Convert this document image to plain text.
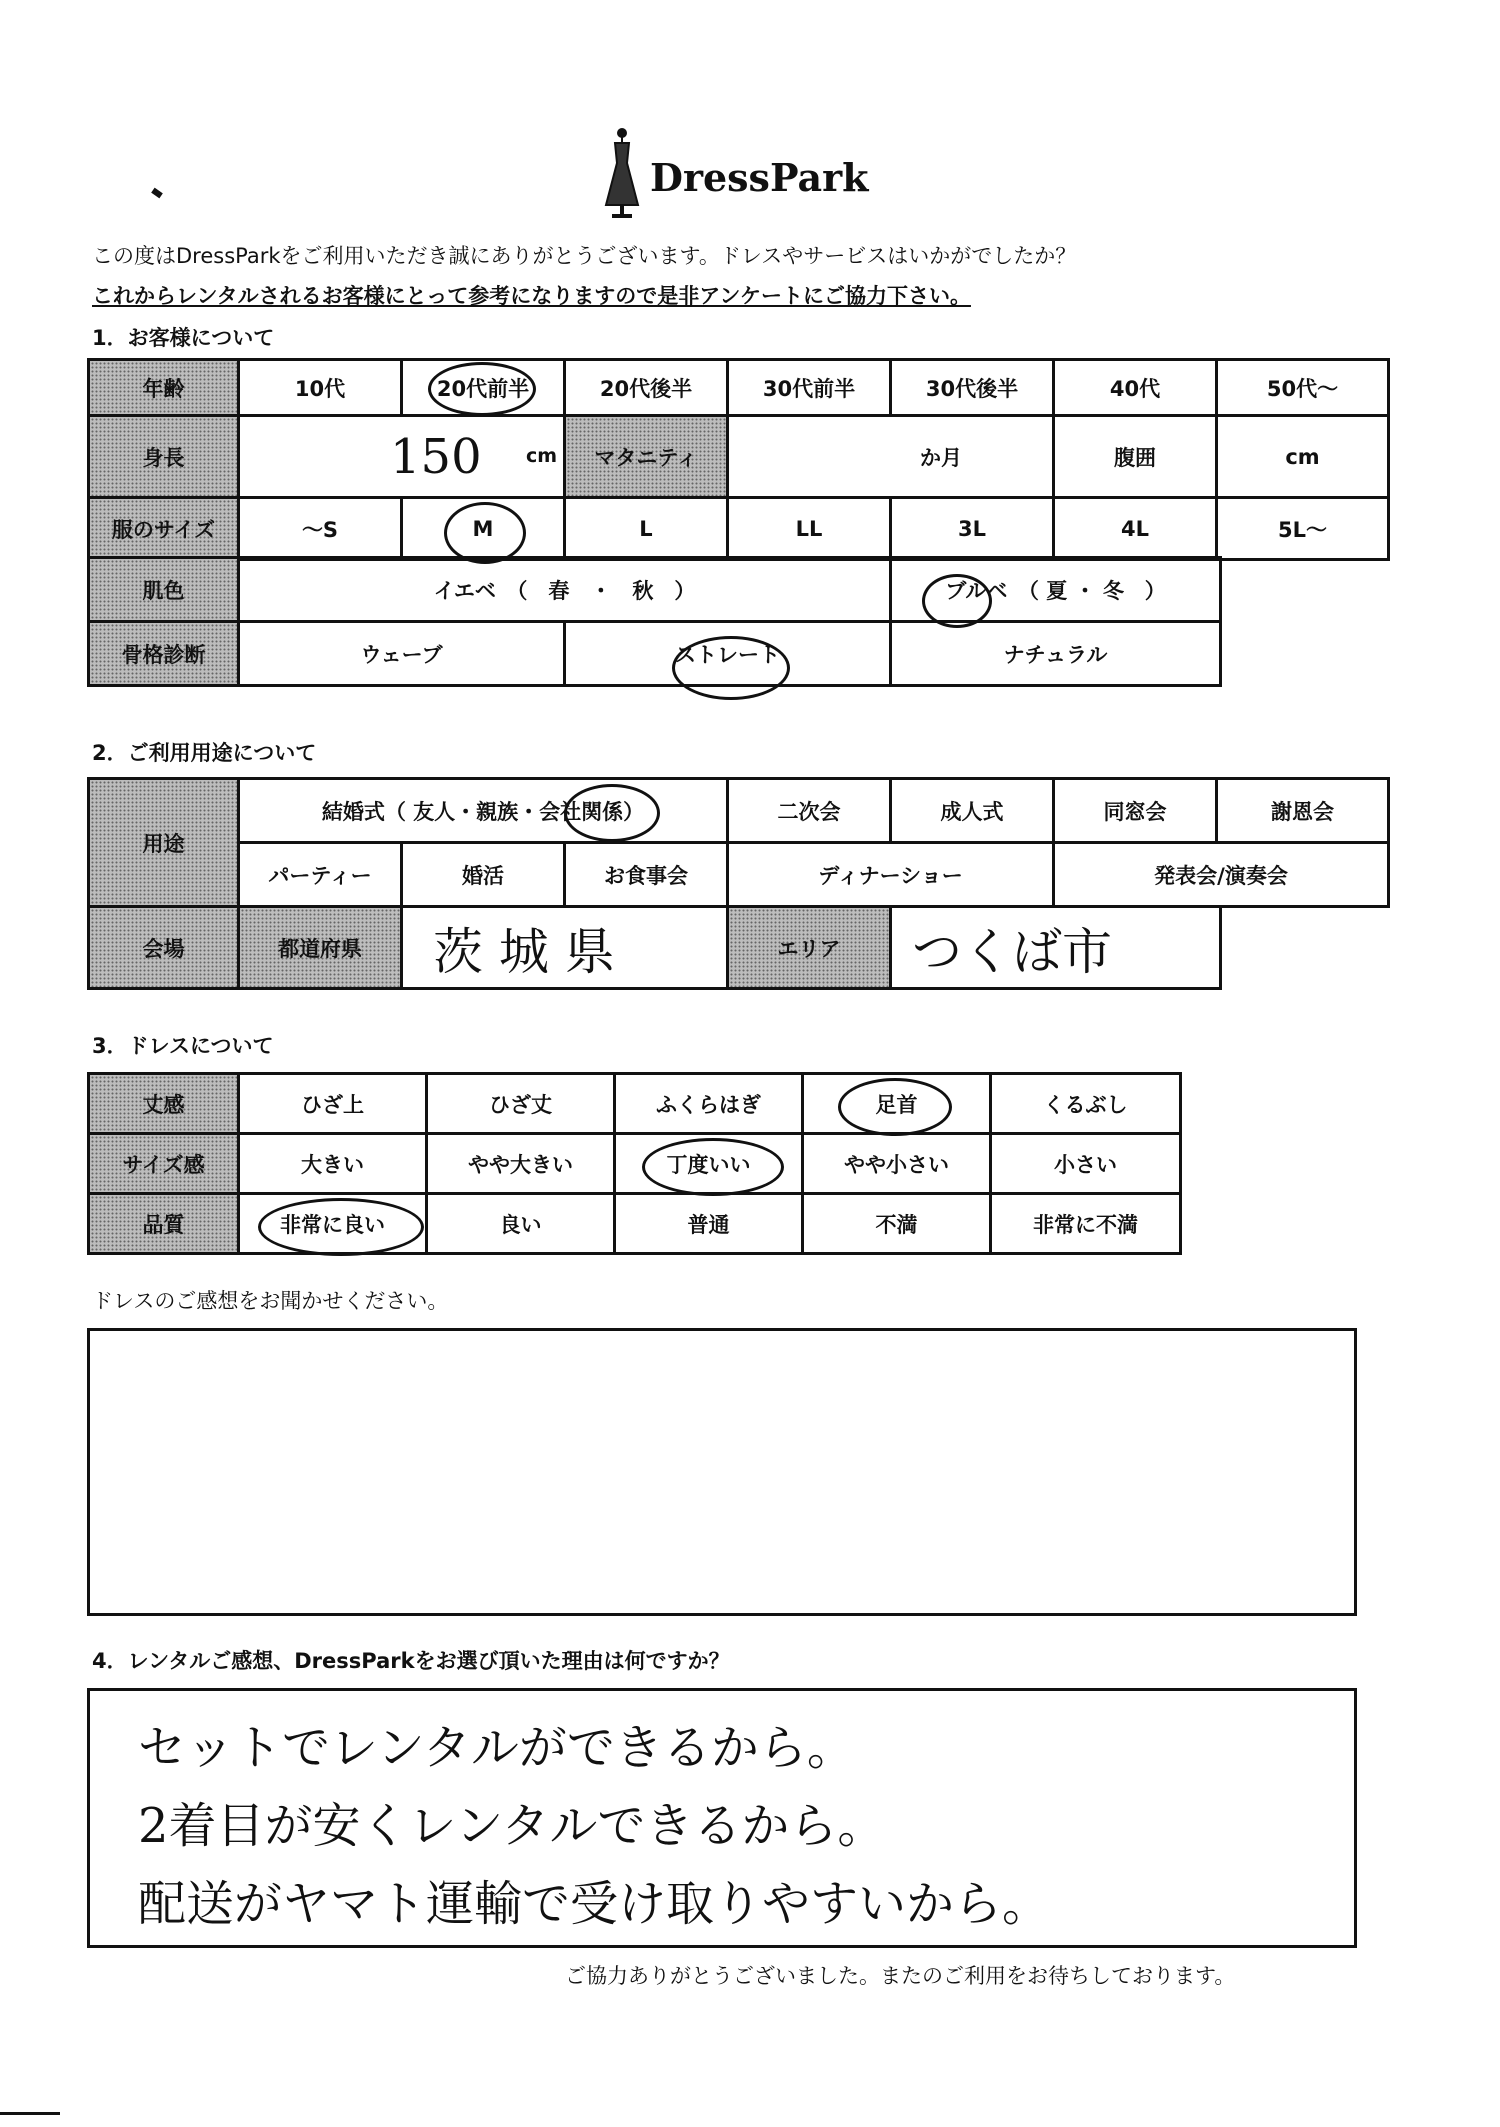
DressPark
この度はDressParkをご利用いただき誠にありがとうございます。ドレスやサービスはいかがでしたか？
これからレンタルされるお客様にとって参考になりますので是非アンケートにご協力下さい。
1．お客様について
年齢	10代	20代前半	20代後半	30代前半	30代後半	40代	50代～
身長	150 cm		マタニティ	か月		腹囲	cm
服のサイズ	～S	M	L	LL	3L	4L	5L～
肌色	イエベ　（　春　・　秋　）	ブルベ　（ 夏 ・ 冬　）
骨格診断	ウェーブ	ストレート	ナチュラル
2．ご利用用途について
用途	結婚式（ 友人・親族・会社関係）			二次会	成人式	同窓会	謝恩会
	パーティー	婚活	お食事会	ディナーショー		発表会/演奏会	
会場	都道府県	茨 城 県	エリア	つくば市
3．ドレスについて
丈感	ひざ上	ひざ丈	ふくらはぎ	足首	くるぶし
サイズ感	大きい	やや大きい	丁度いい	やや小さい	小さい
品質	非常に良い	良い	普通	不満	非常に不満
ドレスのご感想をお聞かせください。
4．レンタルご感想、DressParkをお選び頂いた理由は何ですか？
セットでレンタルができるから。
2着目が安くレンタルできるから。
配送がヤマト運輸で受け取りやすいから。
ご協力ありがとうございました。またのご利用をお待ちしております。
